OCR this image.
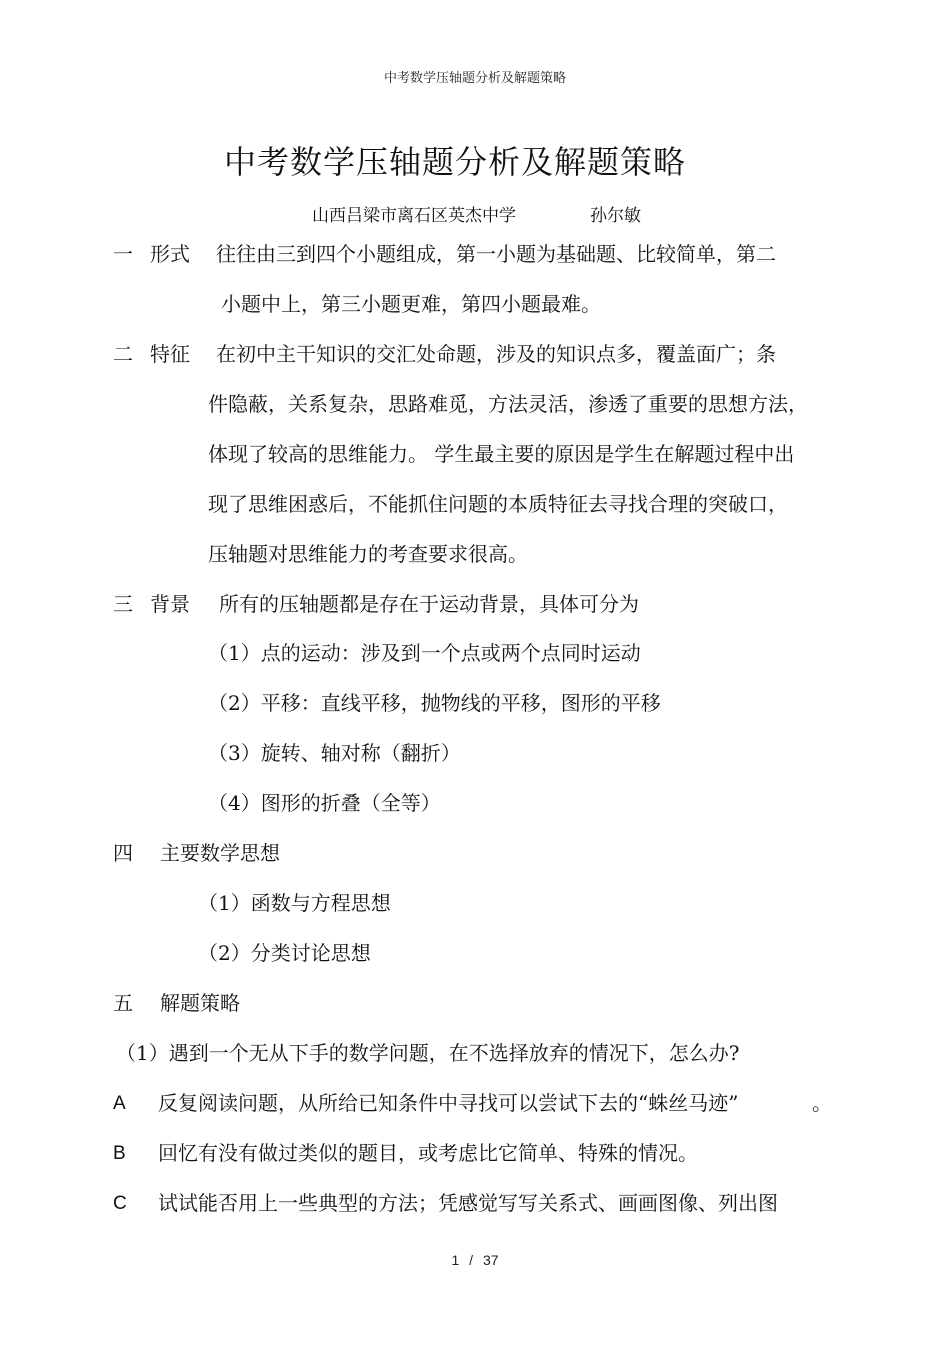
中考数学压轴题分析及解题策略
中考数学压轴题分析及解题策略
山西吕梁市离石区英杰中学	孙尔敏
一 形式 往往由三到四个小题组成，第一小题为基础题、比较简单，第二
小题中上，第三小题更难，第四小题最难。
二 特征 在初中主干知识的交汇处命题，涉及的知识点多，覆盖面广；条
件隐蔽，关系复杂，思路难觅，方法灵活，渗透了重要的思想方法，
体现了较高的思维能力。 学生最主要的原因是学生在解题过程中出
现了思维困惑后，不能抓住问题的本质特征去寻找合理的突破口，
压轴题对思维能力的考查要求很高。
三 背景 所有的压轴题都是存在于运动背景，具体可分为
（1）点的运动：涉及到一个点或两个点同时运动
（2）平移：直线平移，抛物线的平移，图形的平移
（3）旋转、轴对称（翻折）
（4）图形的折叠（全等）
四 主要数学思想
（1）函数与方程思想
（2）分类讨论思想
五 解题策略
（1）遇到一个无从下手的数学问题，在不选择放弃的情况下，怎么办?
A 反复阅读问题，从所给已知条件中寻找可以尝试下去的“蛛丝马迹”	。
B 回忆有没有做过类似的题目，或考虑比它简单、特殊的情况。
C 试试能否用上一些典型的方法；凭感觉写写关系式、画画图像、列出图
1 / 37
